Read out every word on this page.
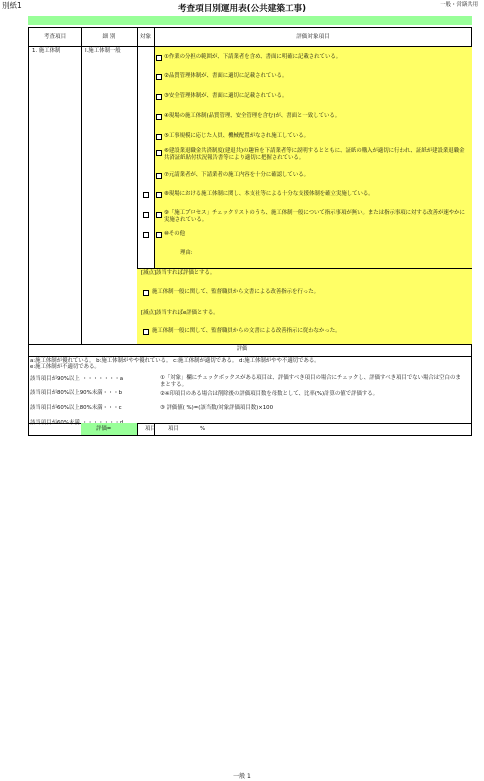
別紙1	考査項目別運用表(公共建築工事)	一般・営繕共用
考査項目	細 別	対象	評価対象項目
1. 施工体制	Ⅰ.施工体制一般
①作業の分担の範囲が、下請業者を含め、書面に明確に記載されている。
②品質管理体制が、書面に適切に記載されている。
③安全管理体制が、書面に適切に記載されている。
④現場の施工体制(品質管理、安全管理を含む)が、書面と一致している。
⑤工事規模に応じた人員、機械配置がなされ施工している。
⑥建設業退職金共済制度(建退共)の趣旨を下請業者等に説明するとともに、証紙の購入が適切に行われ、証紙が建設業退職金共済証紙貼付状況報告書等により適切に把握されている。
⑦元請業者が、下請業者の施工内容を十分に確認している。
⑧現場における施工体制に関し、本支社等による十分な支援体制を確立実施している。
⑨「施工プロセス」チェックリストのうち、施工体制一般について指示事項が無い。または指示事項に対する改善が速やかに実施されている。
⑩その他
理由:
[減点]該当すれば評価とする。
施工体制一般に関して、監督職員から文書による改善指示を行った。
[減点]該当すればe評価とする。
施工体制一般に関して、監督職員からの文書による改善指示に従わなかった。
評価
a:施工体制が優れている。 b:施工体制がやや優れている。 c:施工体制が適切である。 d:施工体制がやや不適切である。
e:施工体制が不適切である。
該当項目が90%以上 ・・・・・・・a
該当項目が80%以上90%未満・・・b
該当項目が60%以上80%未満・・・c
該当項目が60%未満
①「対象」欄にチェックボックスがある項目は、評価すべき項目の場合にチェックし、評価すべき項目でない場合は空白のままとする。
②※印項目のある場合は削除後の評価項目数を母数として、比率(%)計算の値で評価する。
③ 評価値( %)=(該当数/対象評価項目数)×100
評価=	項目 項目	%
一般 1
